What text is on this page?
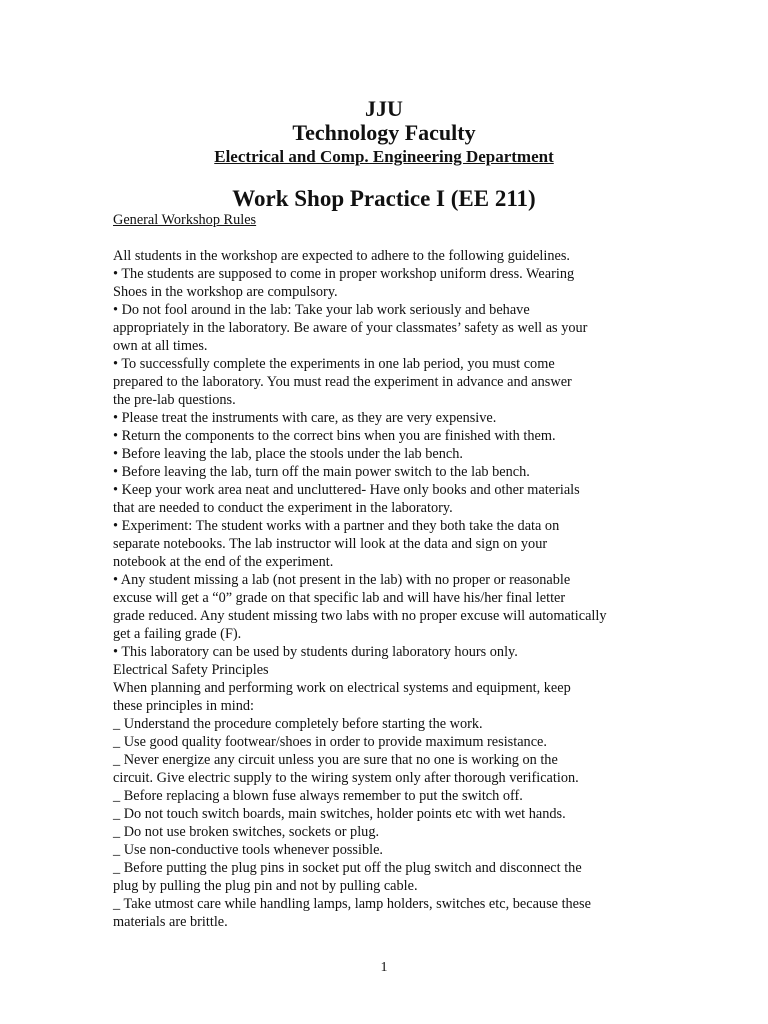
JJU
Technology Faculty
Electrical and Comp. Engineering Department
Work Shop Practice I (EE 211)
General Workshop Rules
All students in the workshop are expected to adhere to the following guidelines.
• The students are supposed to come in proper workshop uniform dress. Wearing
Shoes in the workshop are compulsory.
• Do not fool around in the lab: Take your lab work seriously and behave
appropriately in the laboratory. Be aware of your classmates’ safety as well as your
own at all times.
• To successfully complete the experiments in one lab period, you must come
prepared to the laboratory. You must read the experiment in advance and answer
the pre-lab questions.
• Please treat the instruments with care, as they are very expensive.
• Return the components to the correct bins when you are finished with them.
• Before leaving the lab, place the stools under the lab bench.
• Before leaving the lab, turn off the main power switch to the lab bench.
• Keep your work area neat and uncluttered- Have only books and other materials
that are needed to conduct the experiment in the laboratory.
• Experiment: The student works with a partner and they both take the data on
separate notebooks. The lab instructor will look at the data and sign on your
notebook at the end of the experiment.
• Any student missing a lab (not present in the lab) with no proper or reasonable
excuse will get a “0” grade on that specific lab and will have his/her final letter
grade reduced. Any student missing two labs with no proper excuse will automatically
get a failing grade (F).
• This laboratory can be used by students during laboratory hours only.
Electrical Safety Principles
When planning and performing work on electrical systems and equipment, keep
these principles in mind:
_ Understand the procedure completely before starting the work.
_ Use good quality footwear/shoes in order to provide maximum resistance.
_ Never energize any circuit unless you are sure that no one is working on the
circuit. Give electric supply to the wiring system only after thorough verification.
_ Before replacing a blown fuse always remember to put the switch off.
_ Do not touch switch boards, main switches, holder points etc with wet hands.
_ Do not use broken switches, sockets or plug.
_ Use non-conductive tools whenever possible.
_ Before putting the plug pins in socket put off the plug switch and disconnect the
plug by pulling the plug pin and not by pulling cable.
_ Take utmost care while handling lamps, lamp holders, switches etc, because these
materials are brittle.
1
